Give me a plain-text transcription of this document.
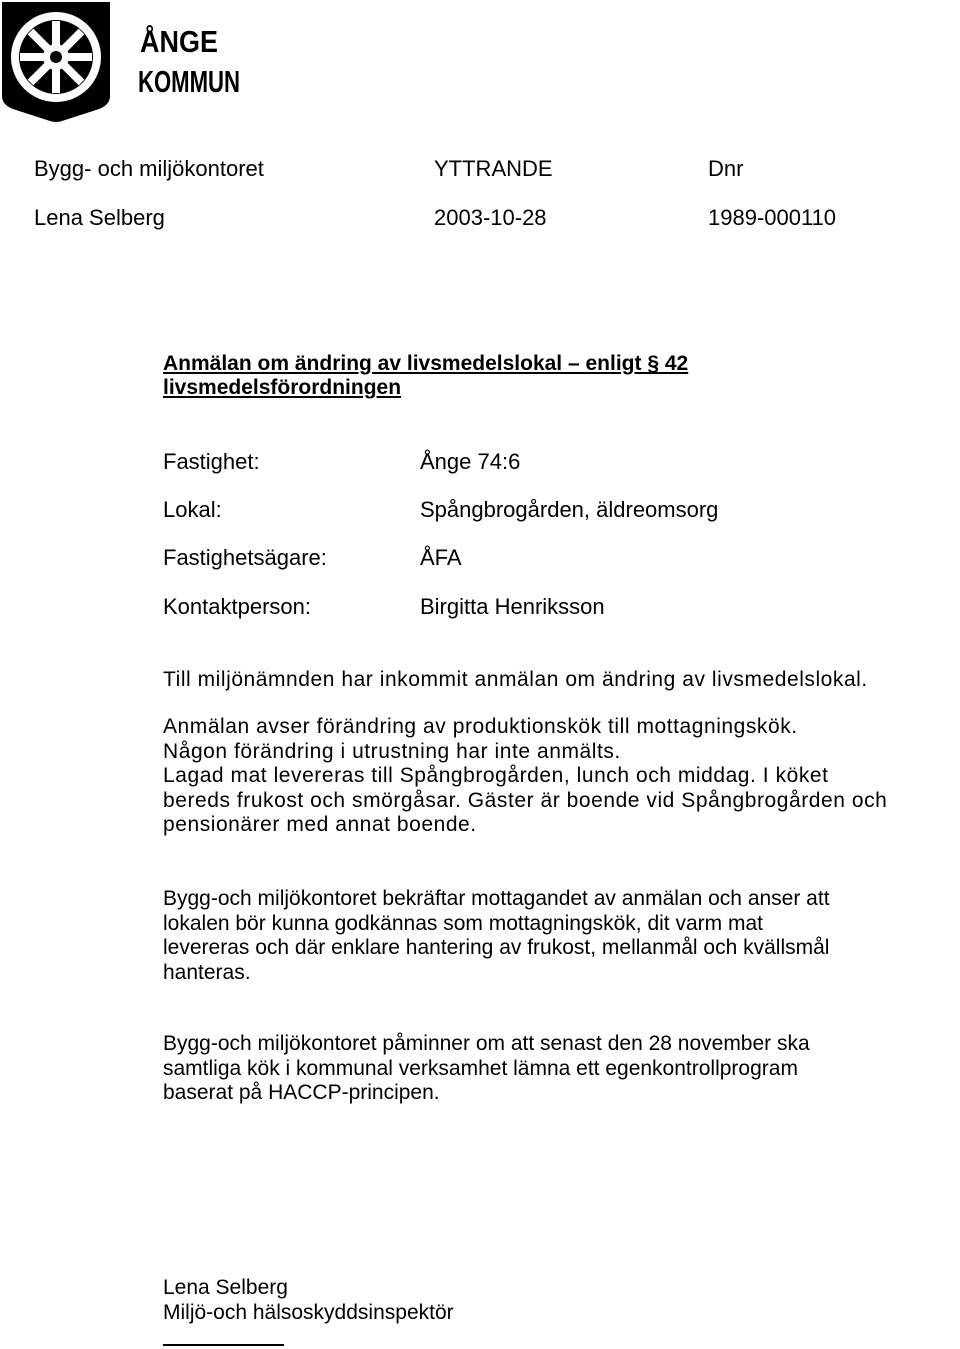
ÅNGE
KOMMUN
Bygg- och miljökontoret	YTTRANDE	Dnr
Lena Selberg	2003-10-28	1989-000110
Anmälan om ändring av livsmedelslokal – enligt § 42
livsmedelsförordningen
Fastighet:	Ånge 74:6
Lokal:	Spångbrogården, äldreomsorg
Fastighetsägare:	ÅFA
Kontaktperson:	Birgitta Henriksson
Till miljönämnden har inkommit anmälan om ändring av livsmedelslokal.
Anmälan avser förändring av produktionskök till mottagningskök.
Någon förändring i utrustning har inte anmälts.
Lagad mat levereras till Spångbrogården, lunch och middag. I köket
bereds frukost och smörgåsar. Gäster är boende vid Spångbrogården och
pensionärer med annat boende.
Bygg-och miljökontoret bekräftar mottagandet av anmälan och anser att
lokalen bör kunna godkännas som mottagningskök, dit varm mat
levereras och där enklare hantering av frukost, mellanmål och kvällsmål
hanteras.
Bygg-och miljökontoret påminner om att senast den 28 november ska
samtliga kök i kommunal verksamhet lämna ett egenkontrollprogram
baserat på HACCP-principen.
Lena Selberg
Miljö-och hälsoskyddsinspektör
